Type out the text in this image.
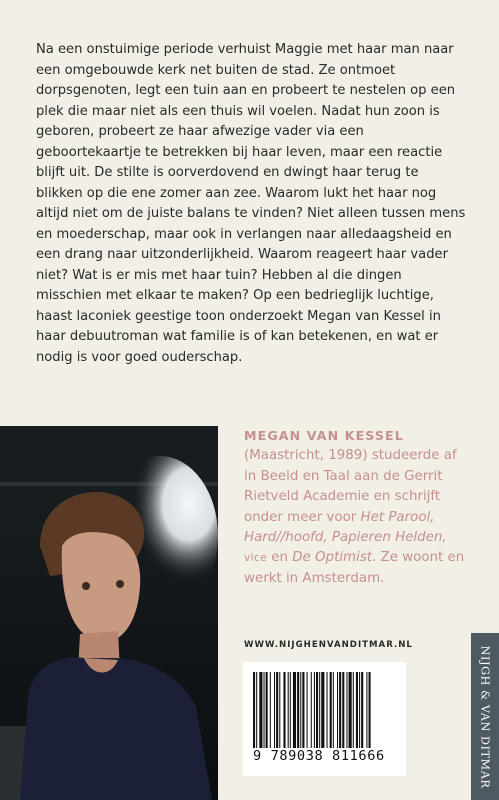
Na een onstuimige periode verhuist Maggie met haar man naar een omgebouwde kerk net buiten de stad. Ze ontmoet dorpsgenoten, legt een tuin aan en probeert te nestelen op een plek die maar niet als een thuis wil voelen. Nadat hun zoon is geboren, probeert ze haar afwezige vader via een geboortekaartje te betrekken bij haar leven, maar een reactie blijft uit. De stilte is oorverdovend en dwingt haar terug te blikken op die ene zomer aan zee. Waarom lukt het haar nog altijd niet om de juiste balans te vinden? Niet alleen tussen mens en moederschap, maar ook in verlangen naar alledaagsheid en een drang naar uitzonderlijkheid. Waarom reageert haar vader niet? Wat is er mis met haar tuin? Hebben al die dingen misschien met elkaar te maken? Op een bedrieglijk luchtige, haast laconiek geestige toon onderzoekt Megan van Kessel in haar debuutroman wat familie is of kan betekenen, en wat er nodig is voor goed ouderschap.

MEGAN VAN KESSEL

(Maastricht, 1989) studeerde af in Beeld en Taal aan de Gerrit Rietveld Academie en schrijft onder meer voor Het Parool, Hard//hoofd, Papieren Helden, vice en De Optimist. Ze woont en werkt in Amsterdam.

WWW.NIJGHENVANDITMAR.NL
9 789038 811666	NIJGH & VAN DITMAR
